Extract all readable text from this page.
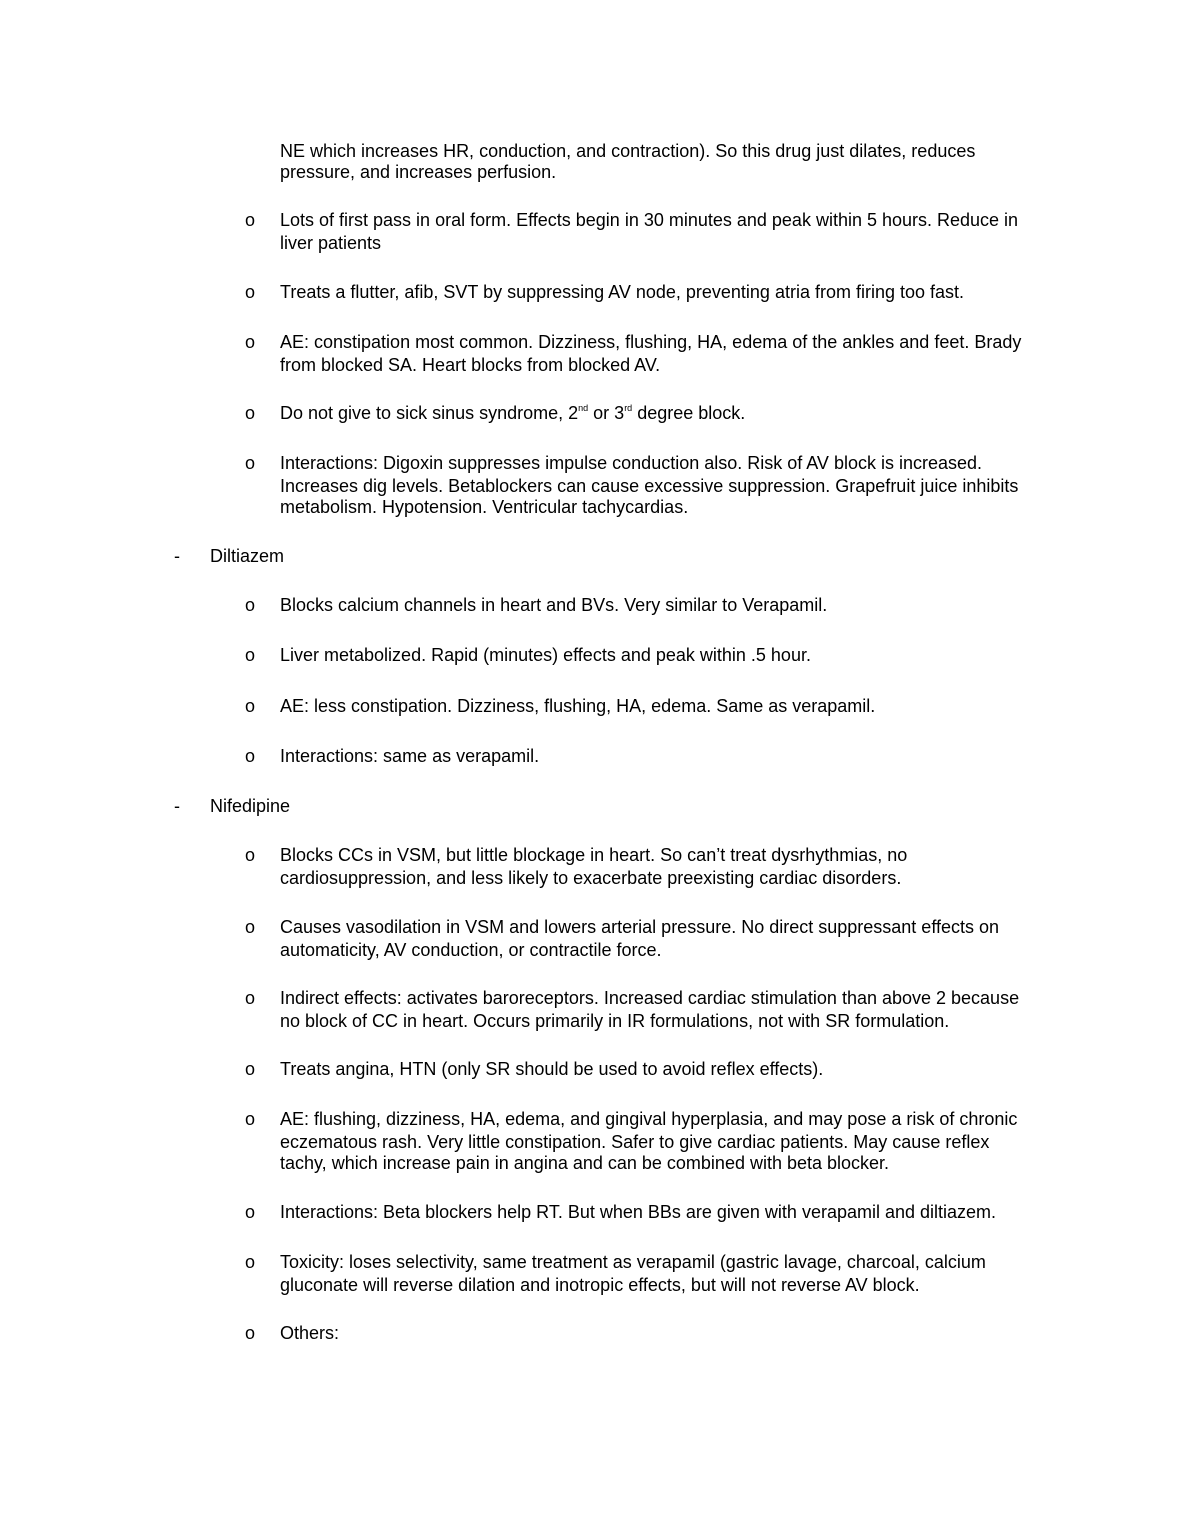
NE which increases HR, conduction, and contraction). So this drug just dilates, reduces
pressure, and increases perfusion.
o Lots of first pass in oral form. Effects begin in 30 minutes and peak within 5 hours. Reduce in
liver patients
o Treats a flutter, afib, SVT by suppressing AV node, preventing atria from firing too fast.
o AE: constipation most common. Dizziness, flushing, HA, edema of the ankles and feet. Brady
from blocked SA. Heart blocks from blocked AV.
o Do not give to sick sinus syndrome, 2nd or 3rd degree block.
o Interactions: Digoxin suppresses impulse conduction also. Risk of AV block is increased.
Increases dig levels. Betablockers can cause excessive suppression. Grapefruit juice inhibits
metabolism. Hypotension. Ventricular tachycardias.
- Diltiazem
o Blocks calcium channels in heart and BVs. Very similar to Verapamil.
o Liver metabolized. Rapid (minutes) effects and peak within .5 hour.
o AE: less constipation. Dizziness, flushing, HA, edema. Same as verapamil.
o Interactions: same as verapamil.
- Nifedipine
o Blocks CCs in VSM, but little blockage in heart. So can’t treat dysrhythmias, no
cardiosuppression, and less likely to exacerbate preexisting cardiac disorders.
o Causes vasodilation in VSM and lowers arterial pressure. No direct suppressant effects on
automaticity, AV conduction, or contractile force.
o Indirect effects: activates baroreceptors. Increased cardiac stimulation than above 2 because
no block of CC in heart. Occurs primarily in IR formulations, not with SR formulation.
o Treats angina, HTN (only SR should be used to avoid reflex effects).
o AE: flushing, dizziness, HA, edema, and gingival hyperplasia, and may pose a risk of chronic
eczematous rash. Very little constipation. Safer to give cardiac patients. May cause reflex
tachy, which increase pain in angina and can be combined with beta blocker.
o Interactions: Beta blockers help RT. But when BBs are given with verapamil and diltiazem.
o Toxicity: loses selectivity, same treatment as verapamil (gastric lavage, charcoal, calcium
gluconate will reverse dilation and inotropic effects, but will not reverse AV block.
o Others:
